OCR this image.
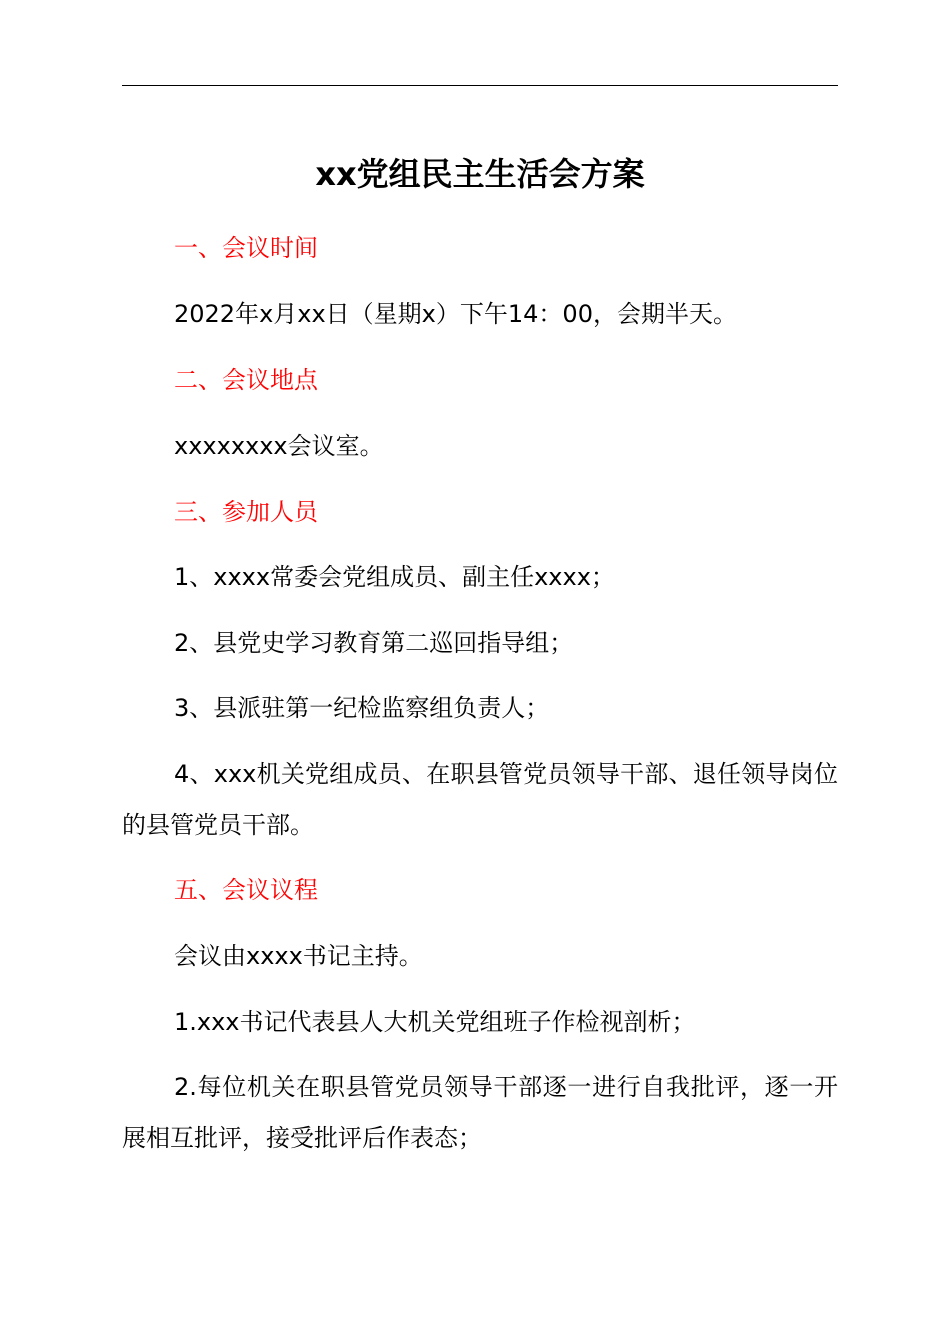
xx党组民主生活会方案
一、会议时间
2022年x月xx日（星期x）下午14：00，会期半天。
二、会议地点
xxxxxxxx会议室。
三、参加人员
1、xxxx常委会党组成员、副主任xxxx；
2、县党史学习教育第二巡回指导组；
3、县派驻第一纪检监察组负责人；
4、xxx机关党组成员、在职县管党员领导干部、退任领导岗位的县管党员干部。
五、会议议程
会议由xxxx书记主持。
1.xxx书记代表县人大机关党组班子作检视剖析；
2.每位机关在职县管党员领导干部逐一进行自我批评，逐一开展相互批评，接受批评后作表态；
